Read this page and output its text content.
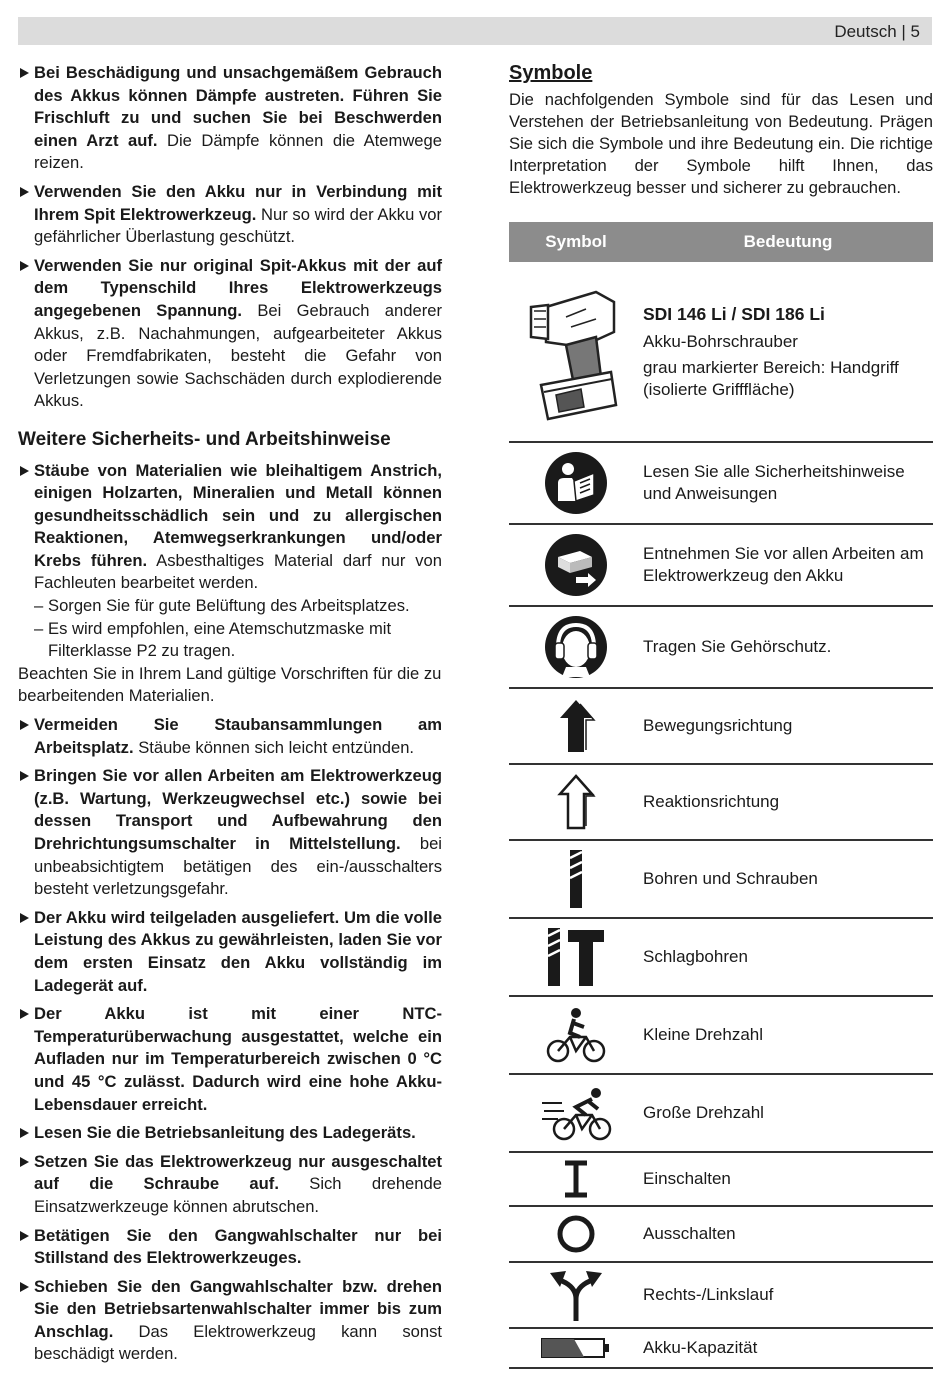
Deutsch | 5
Bei Beschädigung und unsachgemäßem Gebrauch des Akkus können Dämpfe austreten. Führen Sie Frischluft zu und suchen Sie bei Beschwerden einen Arzt auf. Die Dämpfe können die Atemwege reizen.
Verwenden Sie den Akku nur in Verbindung mit Ihrem Spit Elektrowerkzeug. Nur so wird der Akku vor gefährlicher Überlastung geschützt.
Verwenden Sie nur original Spit-Akkus mit der auf dem Typenschild Ihres Elektrowerkzeugs angegebenen Spannung. Bei Gebrauch anderer Akkus, z.B. Nachahmungen, aufgearbeiteter Akkus oder Fremdfabrikaten, besteht die Gefahr von Verletzungen sowie Sachschäden durch explodierende Akkus.
Weitere Sicherheits- und Arbeitshinweise
Stäube von Materialien wie bleihaltigem Anstrich, einigen Holzarten, Mineralien und Metall können gesundheitsschädlich sein und zu allergischen Reaktionen, Atemwegserkrankungen und/oder Krebs führen. Asbesthaltiges Material darf nur von Fachleuten bearbeitet werden.
– Sorgen Sie für gute Belüftung des Arbeitsplatzes.
– Es wird empfohlen, eine Atemschutzmaske mit Filterklasse P2 zu tragen.
Beachten Sie in Ihrem Land gültige Vorschriften für die zu bearbeitenden Materialien.
Vermeiden Sie Staubansammlungen am Arbeitsplatz. Stäube können sich leicht entzünden.
Bringen Sie vor allen Arbeiten am Elektrowerkzeug (z.B. Wartung, Werkzeugwechsel etc.) sowie bei dessen Transport und Aufbewahrung den Drehrichtungsumschalter in Mittelstellung. bei unbeabsichtigtem betätigen des ein-/ausschalters besteht verletzungsgefahr.
Der Akku wird teilgeladen ausgeliefert. Um die volle Leistung des Akkus zu gewährleisten, laden Sie vor dem ersten Einsatz den Akku vollständig im Ladegerät auf.
Der Akku ist mit einer NTC-Temperaturüberwachung ausgestattet, welche ein Aufladen nur im Temperaturbereich zwischen 0 °C und 45 °C zulässt. Dadurch wird eine hohe Akku-Lebensdauer erreicht.
Lesen Sie die Betriebsanleitung des Ladegeräts.
Setzen Sie das Elektrowerkzeug nur ausgeschaltet auf die Schraube auf. Sich drehende Einsatzwerkzeuge können abrutschen.
Betätigen Sie den Gangwahlschalter nur bei Stillstand des Elektrowerkzeuges.
Schieben Sie den Gangwahlschalter bzw. drehen Sie den Betriebsartenwahlschalter immer bis zum Anschlag. Das Elektrowerkzeug kann sonst beschädigt werden.
Symbole
Die nachfolgenden Symbole sind für das Lesen und Verstehen der Betriebsanleitung von Bedeutung. Prägen Sie sich die Symbole und ihre Bedeutung ein. Die richtige Interpretation der Symbole hilft Ihnen, das Elektrowerkzeug besser und sicherer zu gebrauchen.
Symbol	Bedeutung

SDI 146 Li / SDI 186 Li
Akku-Bohrschrauber
grau markierter Bereich: Handgriff (isolierte Grifffläche)

	Lesen Sie alle Sicherheitshinweise und Anweisungen
	Entnehmen Sie vor allen Arbeiten am Elektrowerkzeug den Akku
	Tragen Sie Gehörschutz.
	Bewegungsrichtung
	Reaktionsrichtung
	Bohren und Schrauben
	Schlagbohren
	Kleine Drehzahl
	Große Drehzahl
	Einschalten
	Ausschalten
	Rechts-/Linkslauf
	Akku-Kapazität
